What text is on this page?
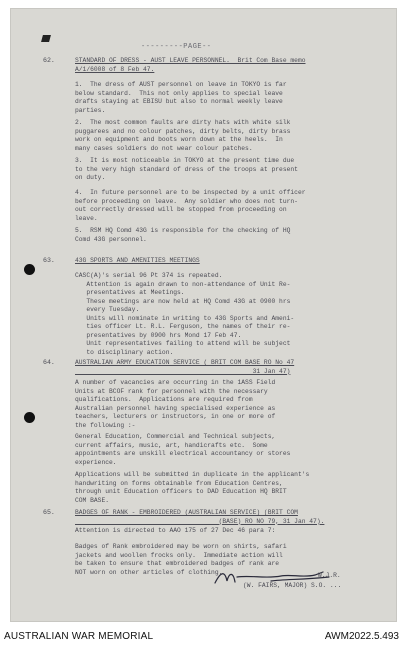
---------PAGE--
62.	STANDARD OF DRESS - AUST LEAVE PERSONNEL.  Brit Com Base memo
A/1/6008 of 8 Feb 47.
1.  The dress of AUST personnel on leave in TOKYO is far
below standard.  This not only applies to special leave
drafts staying at EBISU but also to normal weekly leave
parties.
2.  The most common faults are dirty hats with white silk
puggarees and no colour patches, dirty belts, dirty brass
work on equipment and boots worn down at the heels.  In
many cases soldiers do not wear colour patches.
3.  It is most noticeable in TOKYO at the present time due
to the very high standard of dress of the troops at present
on duty.
4.  In future personnel are to be inspected by a unit officer
before proceeding on leave.  Any soldier who does not turn-
out correctly dressed will be stopped from proceeding on
leave.
5.  RSM HQ Comd 43G is responsible for the checking of HQ
Comd 43G personnel.
63.	43G SPORTS AND AMENITIES MEETINGS
CASC(A)'s serial 96 Pt 374 is repeated.
Attention is again drawn to non-attendance of Unit Re-
presentatives at Meetings.
These meetings are now held at HQ Comd 43G at 0900 hrs
every Tuesday.
Units will nominate in writing to 43G Sports and Ameni-
ties officer Lt. R.L. Ferguson, the names of their re-
presentatives by 0900 hrs Mond 17 Feb 47.
Unit representatives failing to attend will be subject
to disciplinary action.
64.	AUSTRALIAN ARMY EDUCATION SERVICE ( BRIT COM BASE RO No 47
31 Jan 47)
A number of vacancies are occurring in the 1ASS Field
Units at BCOF rank for personnel with the necessary
qualifications.  Applications are required from
Australian personnel having specialised experience as
teachers, lecturers or instructors, in one or more of
the following :-
General Education, Commercial and Technical subjects,
current affairs, music, art, handicrafts etc.  Some
appointments are unskill electrical accountancy or stores
experience.
Applications will be submitted in duplicate in the applicant's
handwriting on forms obtainable from Education Centres,
through unit Education officers to DAD Education HQ BRIT
COM BASE.
65.	BADGES OF RANK - EMBROIDERED (AUSTRALIAN SERVICE) (BRIT COM
(BASE) RO NO 79, 31 Jan 47).
Attention is directed to AAO 175 of 27 Dec 46 para 7:
Badges of Rank embroidered may be worn on shirts, safari
jackets and woollen frocks only.  Immediate action will
be taken to ensure that embroidered badges of rank are
NOT worn on other articles of clothing.	W.J.R.
(W. FAIRS, MAJOR) S.O. ...
AUSTRALIAN WAR MEMORIAL	AWM2022.5.493
